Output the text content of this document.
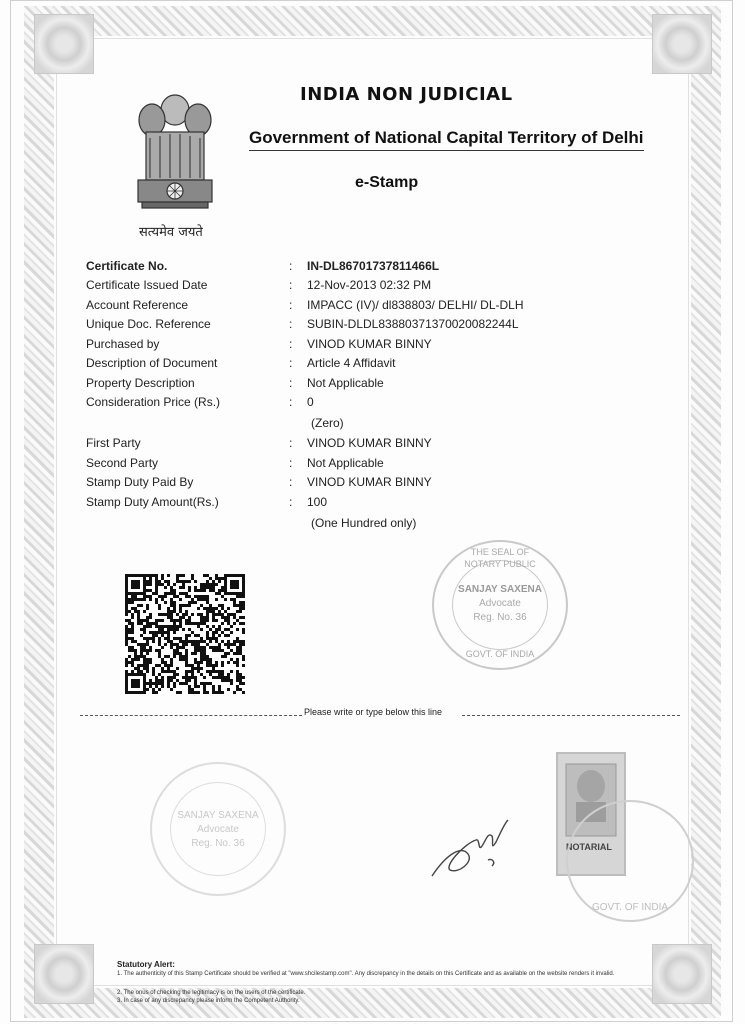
सत्यमेव जयते
INDIA NON JUDICIAL
Government of National Capital Territory of Delhi
e-Stamp
Certificate No.	: IN-DL86701737811466L
Certificate Issued Date	: 12-Nov-2013 02:32 PM
Account Reference	: IMPACC (IV)/ dl838803/ DELHI/ DL-DLH
Unique Doc. Reference	: SUBIN-DLDL83880371370020082244L
Purchased by	: VINOD KUMAR BINNY
Description of Document	: Article 4 Affidavit
Property Description	: Not Applicable
Consideration Price (Rs.)	: 0
(Zero)
First Party	: VINOD KUMAR BINNY
Second Party	: Not Applicable
Stamp Duty Paid By	: VINOD KUMAR BINNY
Stamp Duty Amount(Rs.)	: 100
(One Hundred only)
THE SEAL OF NOTARY PUBLIC
SANJAY SAXENA
Advocate
Reg. No. 36
GOVT. OF INDIA
Please write or type below this line
SANJAY SAXENA
Advocate
Reg. No. 36	NOTARIAL
GOVT. OF INDIA
Statutory Alert:
1. The authenticity of this Stamp Certificate should be verified at "www.shcilestamp.com". Any discrepancy in the details on this Certificate and as available on the website renders it invalid.
2. The onus of checking the legitimacy is on the users of the certificate.
3. In case of any discrepancy please inform the Competent Authority.
